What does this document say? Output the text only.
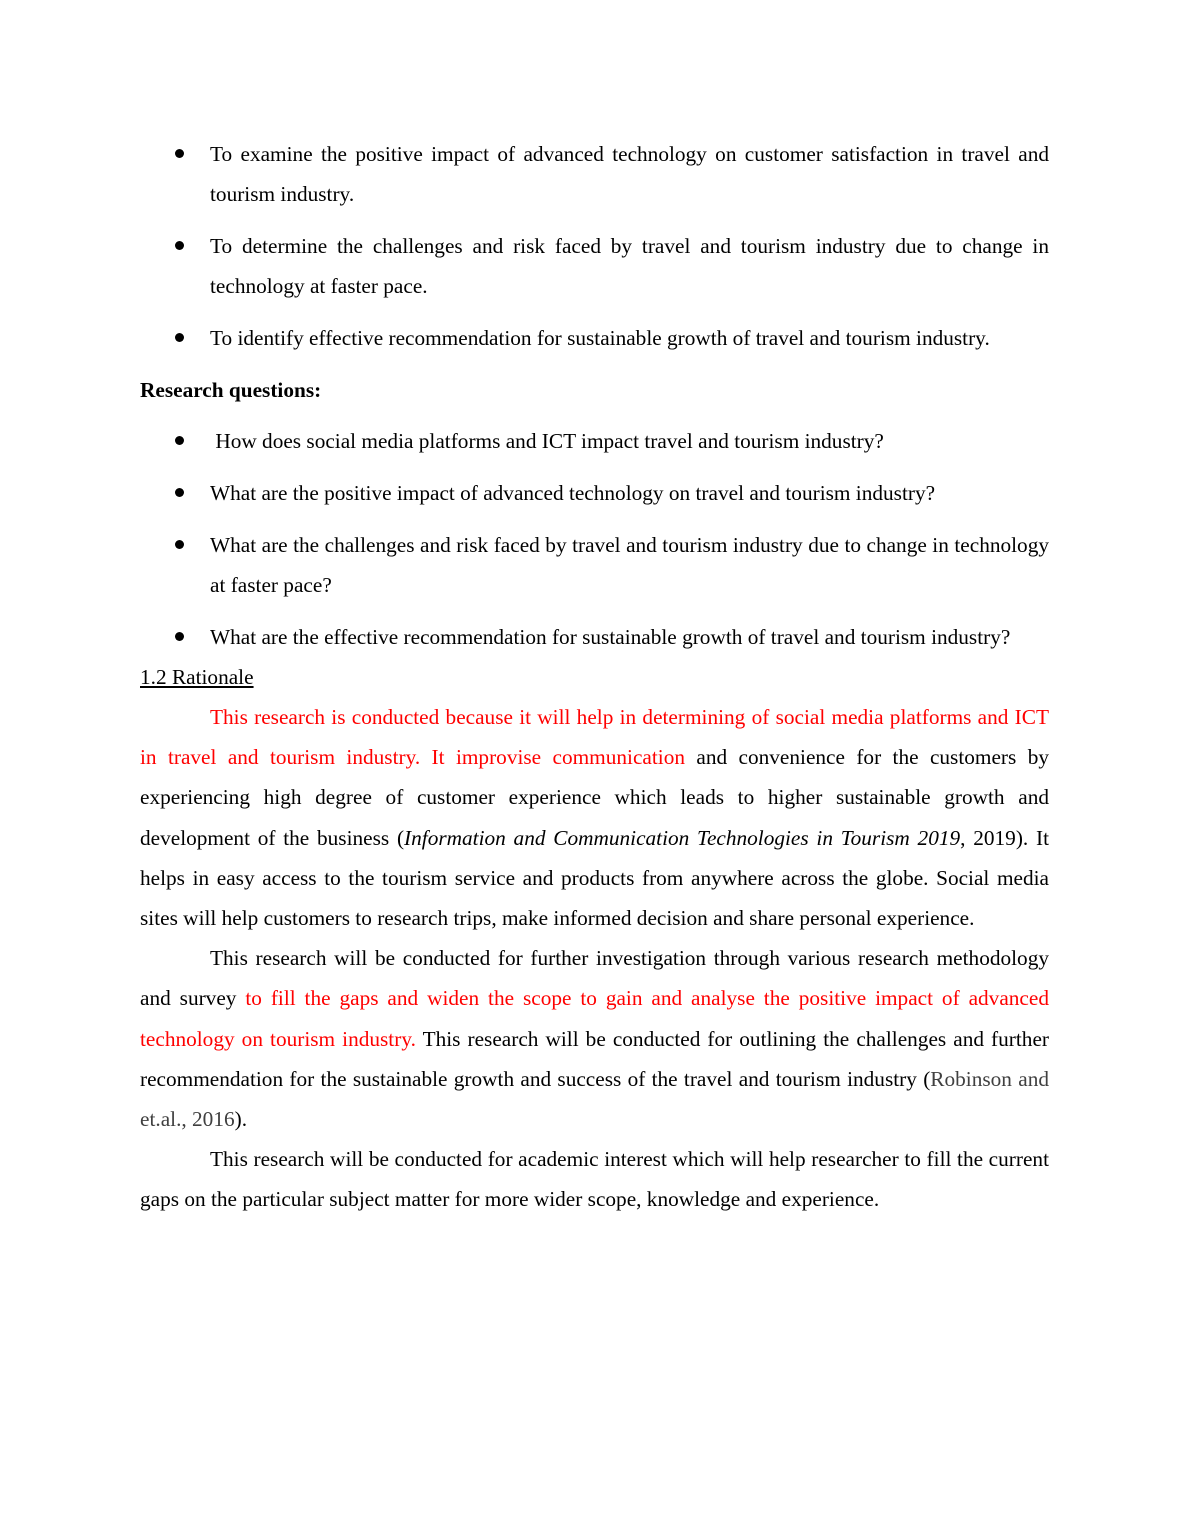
To examine the positive impact of advanced technology on customer satisfaction in travel and tourism industry.
To determine the challenges and risk faced by travel and tourism industry due to change in technology at faster pace.
To identify effective recommendation for sustainable growth of travel and tourism industry.
Research questions:
How does social media platforms and ICT impact travel and tourism industry?
What are the positive impact of advanced technology on travel and tourism industry?
What are the challenges and risk faced by travel and tourism industry due to change in technology at faster pace?
What are the effective recommendation for sustainable growth of travel and tourism industry?
1.2 Rationale

This research is conducted because it will help in determining of social media platforms and ICT in travel and tourism industry. It improvise communication and convenience for the customers by experiencing high degree of customer experience which leads to higher sustainable growth and development of the business (Information and Communication Technologies in Tourism 2019, 2019). It helps in easy access to the tourism service and products from anywhere across the globe. Social media sites will help customers to research trips, make informed decision and share personal experience.

This research will be conducted for further investigation through various research methodology and survey to fill the gaps and widen the scope to gain and analyse the positive impact of advanced technology on tourism industry. This research will be conducted for outlining the challenges and further recommendation for the sustainable growth and success of the travel and tourism industry (Robinson and et.al., 2016).

This research will be conducted for academic interest which will help researcher to fill the current gaps on the particular subject matter for more wider scope, knowledge and experience.
